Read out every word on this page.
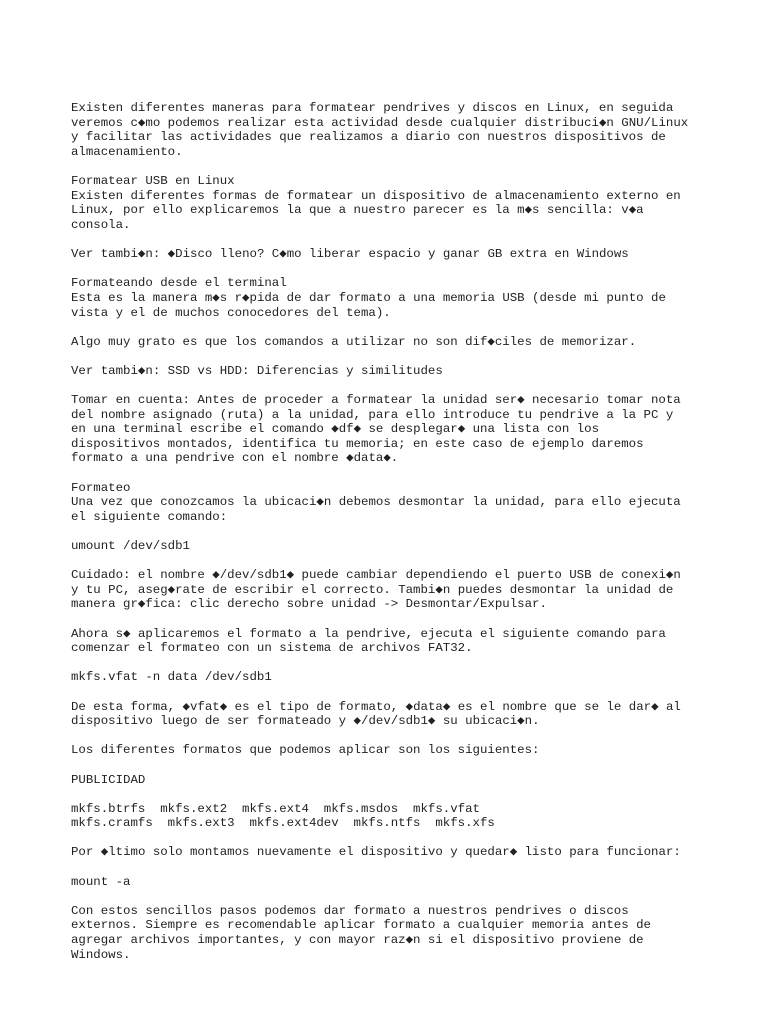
Existen diferentes maneras para formatear pendrives y discos en Linux, en seguida
veremos c◆mo podemos realizar esta actividad desde cualquier distribuci◆n GNU/Linux
y facilitar las actividades que realizamos a diario con nuestros dispositivos de
almacenamiento.
Formatear USB en Linux
Existen diferentes formas de formatear un dispositivo de almacenamiento externo en
Linux, por ello explicaremos la que a nuestro parecer es la m◆s sencilla: v◆a
consola.
Ver tambi◆n: ◆Disco lleno? C◆mo liberar espacio y ganar GB extra en Windows
Formateando desde el terminal
Esta es la manera m◆s r◆pida de dar formato a una memoria USB (desde mi punto de
vista y el de muchos conocedores del tema).
Algo muy grato es que los comandos a utilizar no son dif◆ciles de memorizar.
Ver tambi◆n: SSD vs HDD: Diferencias y similitudes
Tomar en cuenta: Antes de proceder a formatear la unidad ser◆ necesario tomar nota
del nombre asignado (ruta) a la unidad, para ello introduce tu pendrive a la PC y
en una terminal escribe el comando ◆df◆ se desplegar◆ una lista con los
dispositivos montados, identifica tu memoria; en este caso de ejemplo daremos
formato a una pendrive con el nombre ◆data◆.
Formateo
Una vez que conozcamos la ubicaci◆n debemos desmontar la unidad, para ello ejecuta
el siguiente comando:
umount /dev/sdb1
Cuidado: el nombre ◆/dev/sdb1◆ puede cambiar dependiendo el puerto USB de conexi◆n
y tu PC, aseg◆rate de escribir el correcto. Tambi◆n puedes desmontar la unidad de
manera gr◆fica: clic derecho sobre unidad -> Desmontar/Expulsar.
Ahora s◆ aplicaremos el formato a la pendrive, ejecuta el siguiente comando para
comenzar el formateo con un sistema de archivos FAT32.
mkfs.vfat -n data /dev/sdb1
De esta forma, ◆vfat◆ es el tipo de formato, ◆data◆ es el nombre que se le dar◆ al
dispositivo luego de ser formateado y ◆/dev/sdb1◆ su ubicaci◆n.
Los diferentes formatos que podemos aplicar son los siguientes:
PUBLICIDAD
mkfs.btrfs  mkfs.ext2  mkfs.ext4  mkfs.msdos  mkfs.vfat
mkfs.cramfs  mkfs.ext3  mkfs.ext4dev  mkfs.ntfs  mkfs.xfs
Por ◆ltimo solo montamos nuevamente el dispositivo y quedar◆ listo para funcionar:
mount -a
Con estos sencillos pasos podemos dar formato a nuestros pendrives o discos
externos. Siempre es recomendable aplicar formato a cualquier memoria antes de
agregar archivos importantes, y con mayor raz◆n si el dispositivo proviene de
Windows.
